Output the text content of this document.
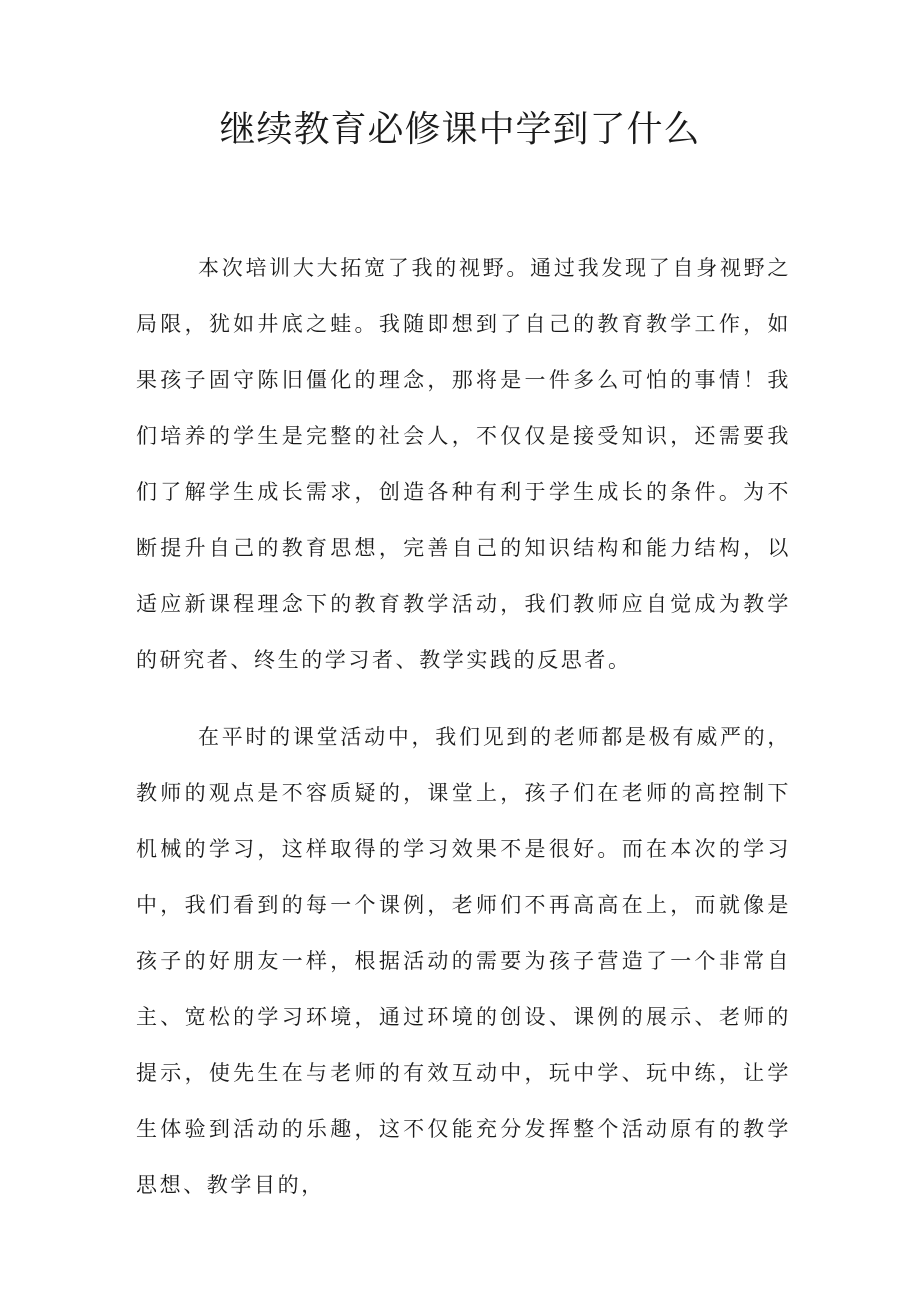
继续教育必修课中学到了什么

本次培训大大拓宽了我的视野。通过我发现了自身视野之局限，犹如井底之蛙。我随即想到了自己的教育教学工作，如果孩子固守陈旧僵化的理念，那将是一件多么可怕的事情！我们培养的学生是完整的社会人，不仅仅是接受知识，还需要我们了解学生成长需求，创造各种有利于学生成长的条件。为不断提升自己的教育思想，完善自己的知识结构和能力结构，以适应新课程理念下的教育教学活动，我们教师应自觉成为教学的研究者、终生的学习者、教学实践的反思者。

在平时的课堂活动中，我们见到的老师都是极有威严的，教师的观点是不容质疑的，课堂上，孩子们在老师的高控制下机械的学习，这样取得的学习效果不是很好。而在本次的学习中，我们看到的每一个课例，老师们不再高高在上，而就像是孩子的好朋友一样，根据活动的需要为孩子营造了一个非常自主、宽松的学习环境，通过环境的创设、课例的展示、老师的提示，使先生在与老师的有效互动中，玩中学、玩中练，让学生体验到活动的乐趣，这不仅能充分发挥整个活动原有的教学思想、教学目的，
